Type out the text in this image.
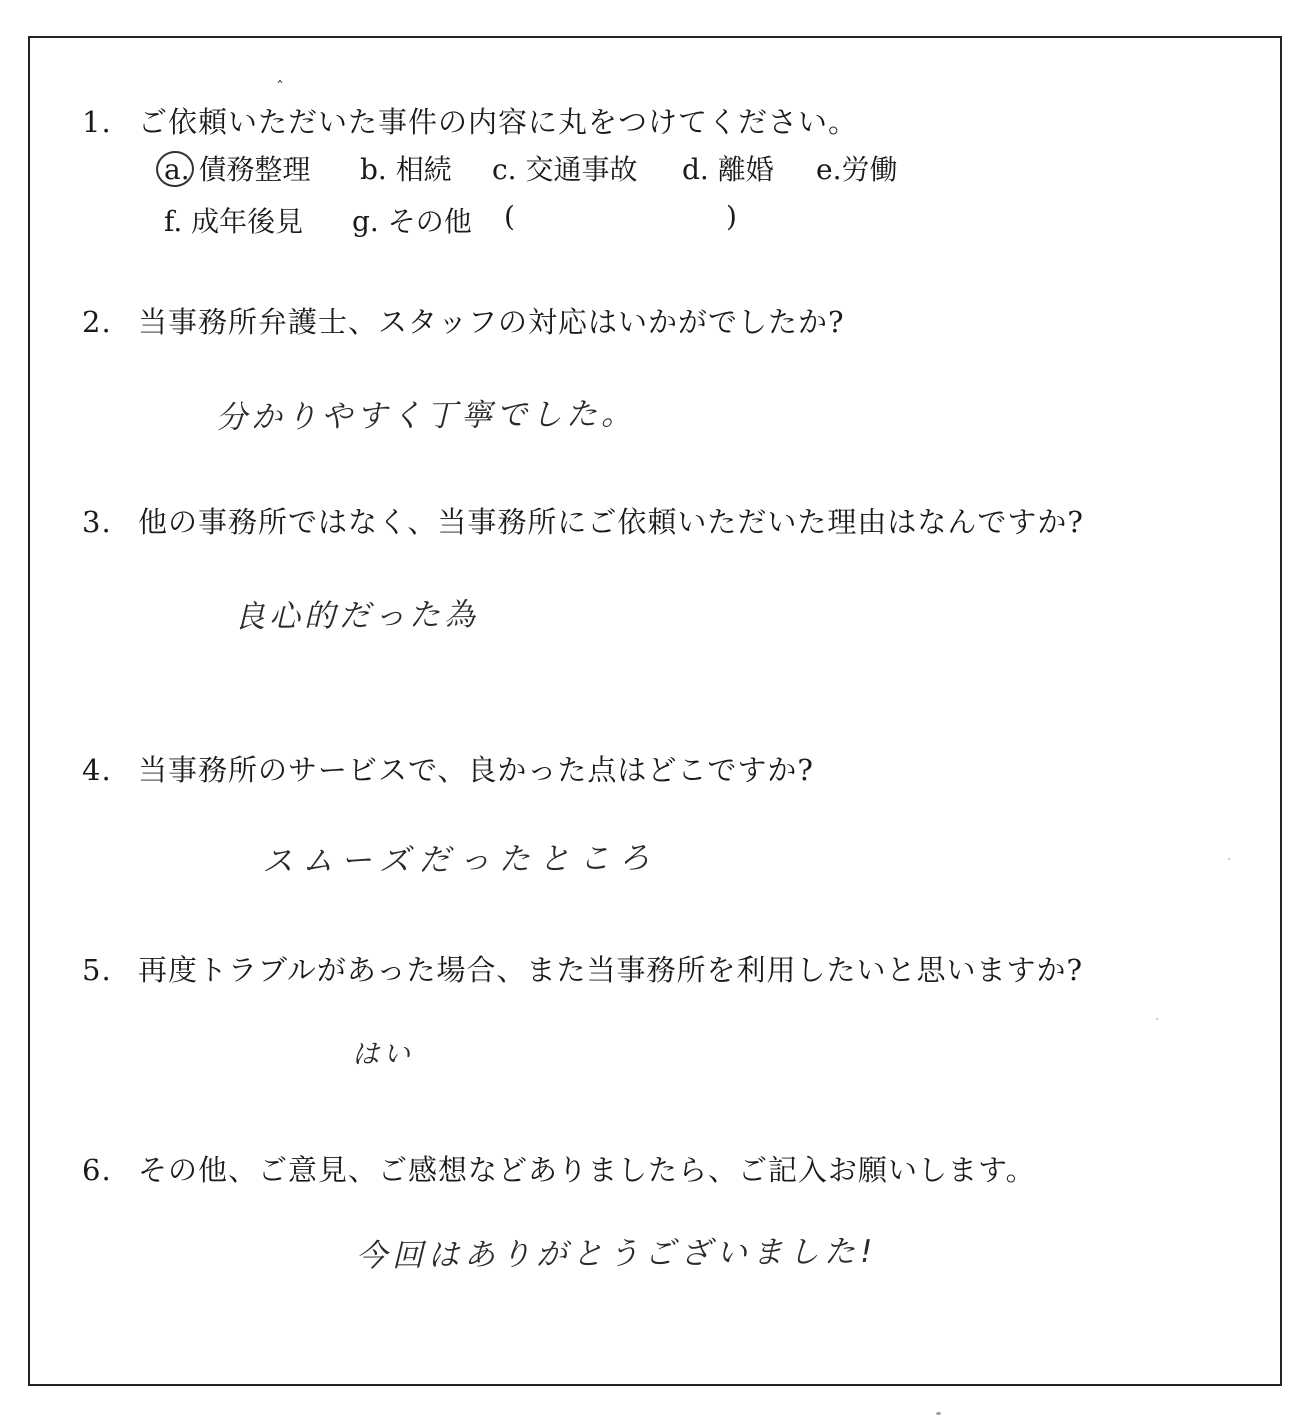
1. ご依頼いただいた事件の内容に丸をつけてください。
ˆ
a. 債務整理 b. 相続 c. 交通事故 d. 離婚 e.労働
f. 成年後見 g. その他 (	)
2. 当事務所弁護士、スタッフの対応はいかがでしたか?
分かりやすく丁寧でした。
3. 他の事務所ではなく、当事務所にご依頼いただいた理由はなんですか?
良心的だった為
4. 当事務所のサービスで、良かった点はどこですか?
スムーズだったところ
5. 再度トラブルがあった場合、また当事務所を利用したいと思いますか?
はい
6. その他、ご意見、ご感想などありましたら、ご記入お願いします。
今回はありがとうございました!
